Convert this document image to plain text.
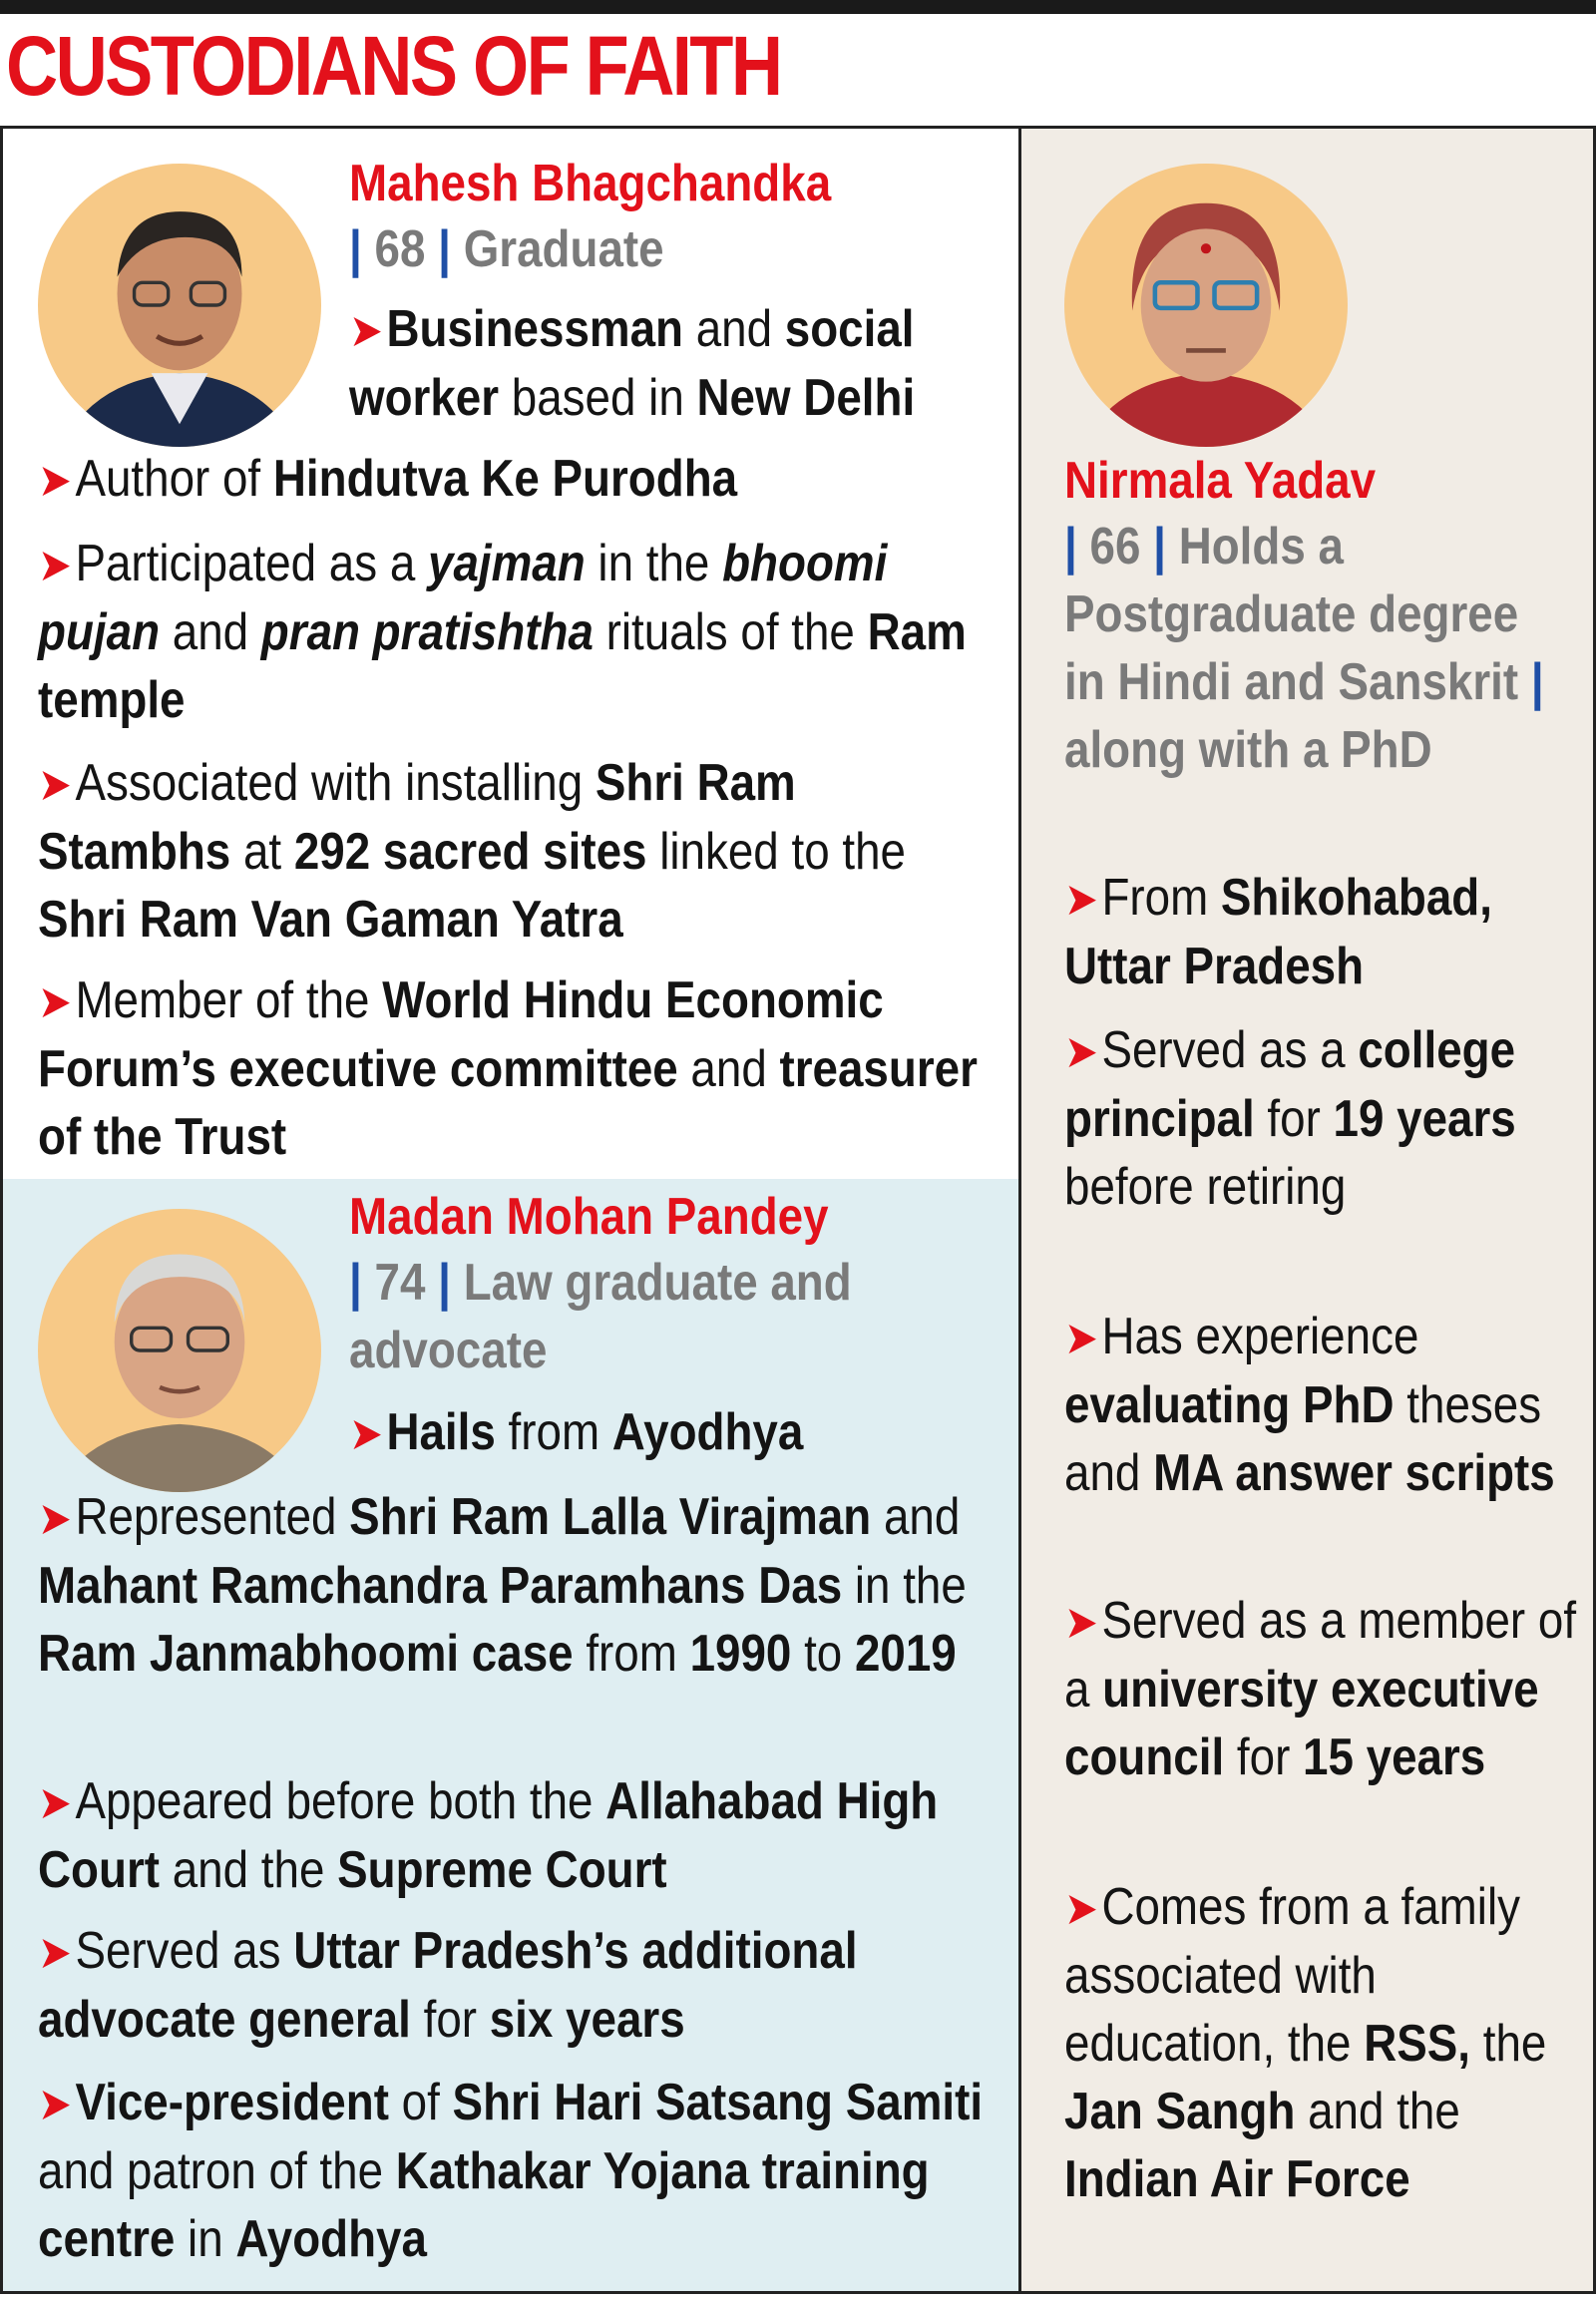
CUSTODIANS OF FAITH
Mahesh Bhagchandka
| 68 | Graduate
➤Businessman and social worker based in New Delhi
➤Author of Hindutva Ke Purodha
➤Participated as a yajman in the bhoomi pujan and pran pratishtha rituals of the Ram temple
➤Associated with installing Shri Ram Stambhs at 292 sacred sites linked to the Shri Ram Van Gaman Yatra
➤Member of the World Hindu Economic Forum’s executive committee and treasurer of the Trust
Madan Mohan Pandey
| 74 | Law graduate and advocate
➤Hails from Ayodhya
➤Represented Shri Ram Lalla Virajman and Mahant Ramchandra Paramhans Das in the Ram Janmabhoomi case from 1990 to 2019
➤Appeared before both the Allahabad High Court and the Supreme Court
➤Served as Uttar Pradesh’s additional advocate general for six years
➤Vice-president of Shri Hari Satsang Samiti and patron of the Kathakar Yojana training centre in Ayodhya
Nirmala Yadav
| 66 | Holds a Postgraduate degree in Hindi and Sanskrit | along with a PhD
➤From Shikohabad, Uttar Pradesh
➤Served as a college principal for 19 years before retiring
➤Has experience evaluating PhD theses and MA answer scripts
➤Served as a member of a university executive council for 15 years
➤Comes from a family associated with education, the RSS, the Jan Sangh and the Indian Air Force
